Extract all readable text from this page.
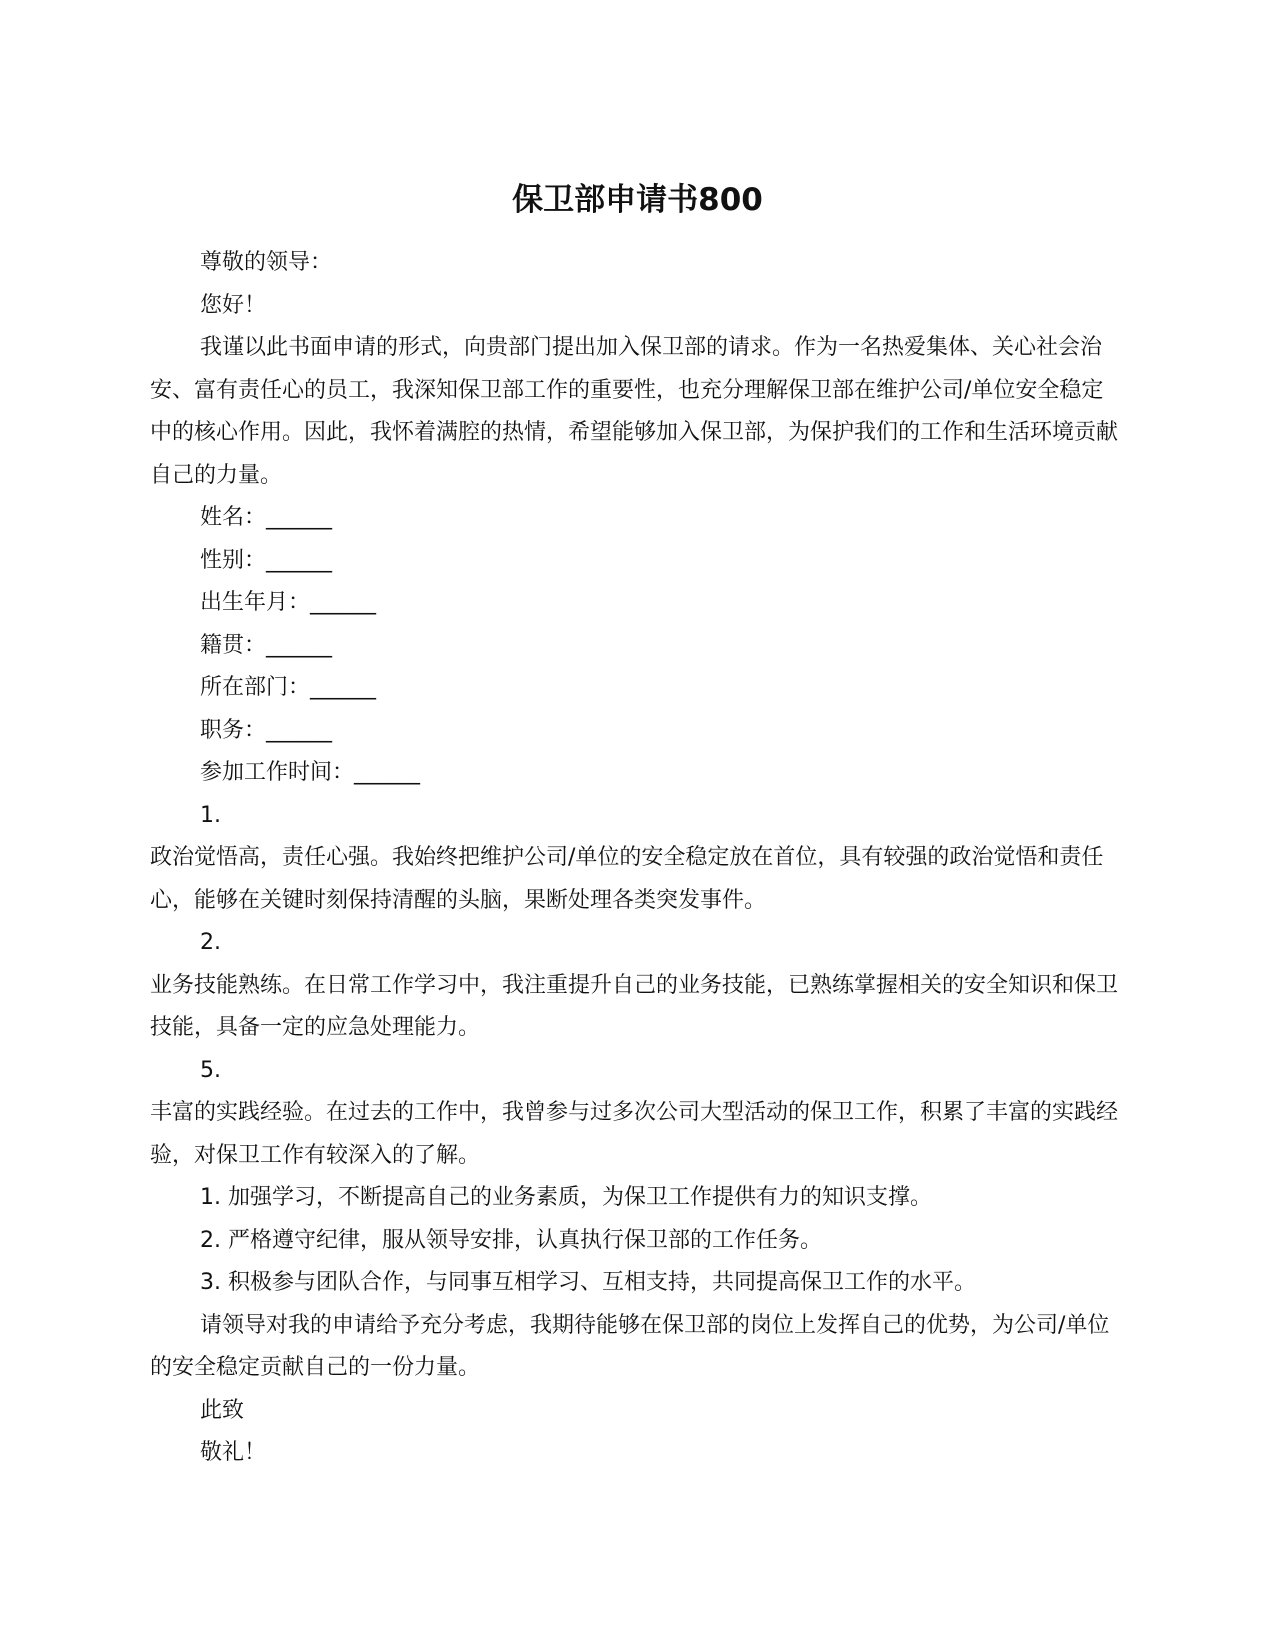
保卫部申请书800

尊敬的领导：

您好！

我谨以此书面申请的形式，向贵部门提出加入保卫部的请求。作为一名热爱集体、关心社会治安、富有责任心的员工，我深知保卫部工作的重要性，也充分理解保卫部在维护公司/单位安全稳定中的核心作用。因此，我怀着满腔的热情，希望能够加入保卫部，为保护我们的工作和生活环境贡献自己的力量。

姓名：______

性别：______

出生年月：______

籍贯：______

所在部门：______

职务：______

参加工作时间：______

1.

政治觉悟高，责任心强。我始终把维护公司/单位的安全稳定放在首位，具有较强的政治觉悟和责任心，能够在关键时刻保持清醒的头脑，果断处理各类突发事件。

2.

业务技能熟练。在日常工作学习中，我注重提升自己的业务技能，已熟练掌握相关的安全知识和保卫技能，具备一定的应急处理能力。

5.

丰富的实践经验。在过去的工作中，我曾参与过多次公司大型活动的保卫工作，积累了丰富的实践经验，对保卫工作有较深入的了解。

1. 加强学习，不断提高自己的业务素质，为保卫工作提供有力的知识支撑。

2. 严格遵守纪律，服从领导安排，认真执行保卫部的工作任务。

3. 积极参与团队合作，与同事互相学习、互相支持，共同提高保卫工作的水平。

请领导对我的申请给予充分考虑，我期待能够在保卫部的岗位上发挥自己的优势，为公司/单位的安全稳定贡献自己的一份力量。

此致

敬礼！
